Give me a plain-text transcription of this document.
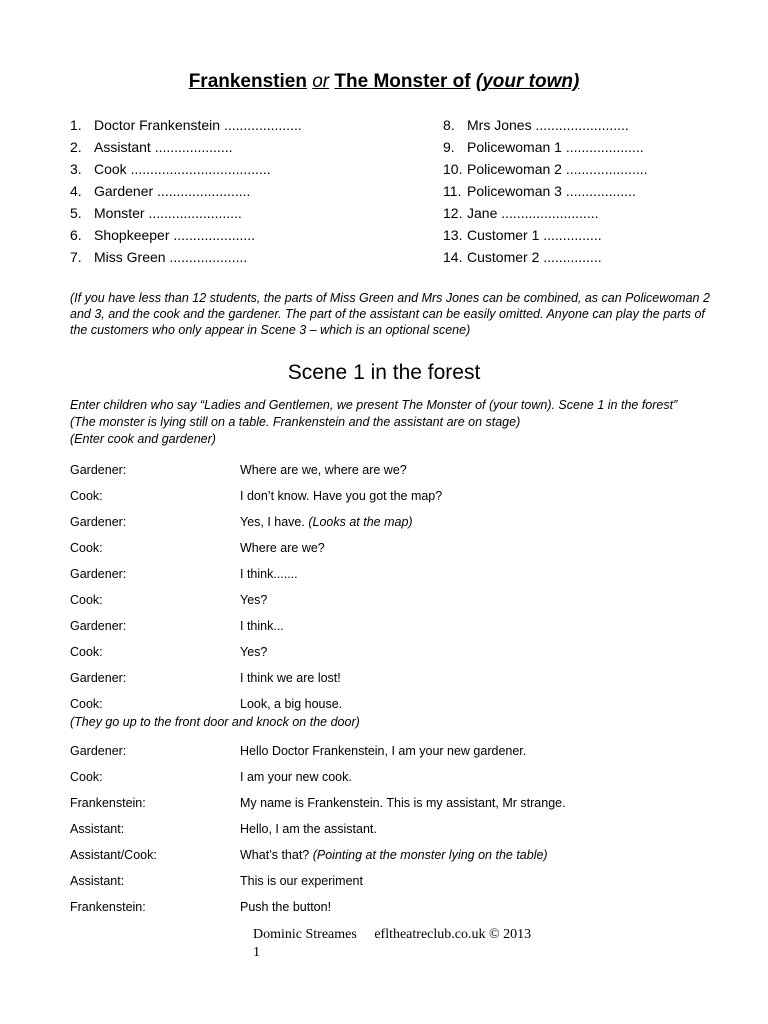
Frankenstien or The Monster of (your town)
1. Doctor Frankenstein ....................
2. Assistant ....................
3. Cook ....................................
4. Gardener ........................
5. Monster ........................
6. Shopkeeper .....................
7. Miss Green ....................
8. Mrs Jones ........................
9. Policewoman 1 ....................
10. Policewoman 2 .....................
11. Policewoman 3 ..................
12. Jane .........................
13. Customer 1 ...............
14. Customer 2 ...............
(If you have less than 12 students, the parts of Miss Green and Mrs Jones can be combined, as can Policewoman 2 and 3, and the cook and the gardener. The part of the assistant can be easily omitted. Anyone can play the parts of the customers who only appear in Scene 3 – which is an optional scene)
Scene 1 in the forest
Enter children who say “Ladies and Gentlemen, we present The Monster of (your town). Scene 1 in the forest”
(The monster is lying still on a table. Frankenstein and the assistant are on stage)
(Enter cook and gardener)
Gardener:	Where are we, where are we?
Cook:	I don’t know. Have you got the map?
Gardener:	Yes, I have. (Looks at the map)
Cook:	Where are we?
Gardener:	I think.......
Cook:	Yes?
Gardener:	I think...
Cook:	Yes?
Gardener:	I think we are lost!
Cook:	Look, a big house.
(They go up to the front door and knock on the door)
Gardener:	Hello Doctor Frankenstein, I am your new gardener.
Cook:	I am your new cook.
Frankenstein:	My name is Frankenstein. This is my assistant, Mr strange.
Assistant:	Hello, I am the assistant.
Assistant/Cook:	What’s that? (Pointing at the monster lying on the table)
Assistant:	This is our experiment
Frankenstein:	Push the button!
Dominic Streames efltheatreclub.co.uk © 2013
1
